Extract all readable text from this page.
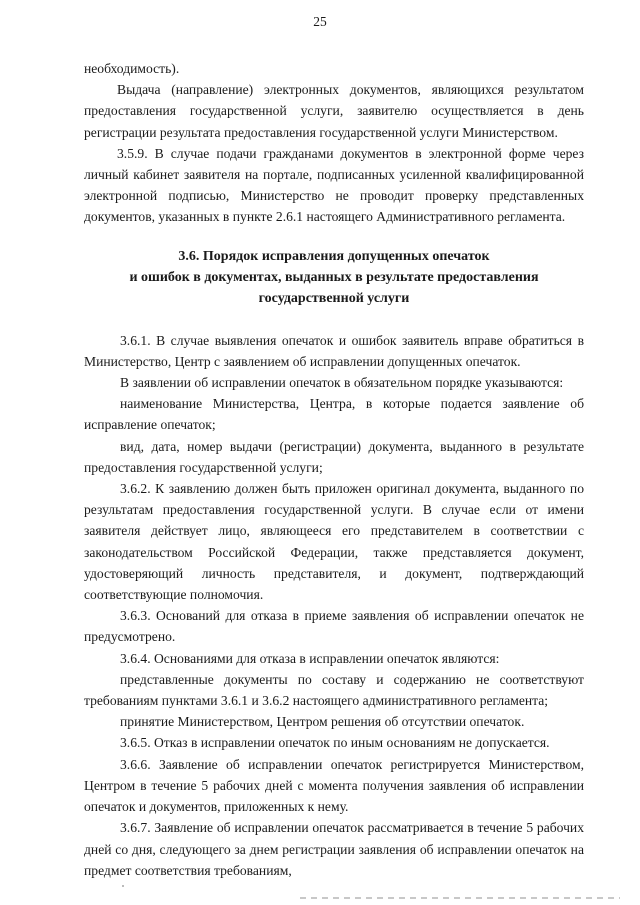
25

необходимость).

Выдача (направление) электронных документов, являющихся результатом предоставления государственной услуги, заявителю осуществляется в день регистрации результата предоставления государственной услуги Министерством.

3.5.9. В случае подачи гражданами документов в электронной форме через личный кабинет заявителя на портале, подписанных усиленной квалифицированной электронной подписью, Министерство не проводит проверку представленных документов, указанных в пункте 2.6.1 настоящего Административного регламента.

3.6. Порядок исправления допущенных опечаток
и ошибок в документах, выданных в результате предоставления
государственной услуги

3.6.1. В случае выявления опечаток и ошибок заявитель вправе обратиться в Министерство, Центр с заявлением об исправлении допущенных опечаток.

В заявлении об исправлении опечаток в обязательном порядке указываются:

наименование Министерства, Центра, в которые подается заявление об исправление опечаток;

вид, дата, номер выдачи (регистрации) документа, выданного в результате предоставления государственной услуги;

3.6.2. К заявлению должен быть приложен оригинал документа, выданного по результатам предоставления государственной услуги. В случае если от имени заявителя действует лицо, являющееся его представителем в соответствии с законодательством Российской Федерации, также представляется документ, удостоверяющий личность представителя, и документ, подтверждающий соответствующие полномочия.

3.6.3. Оснований для отказа в приеме заявления об исправлении опечаток не предусмотрено.

3.6.4. Основаниями для отказа в исправлении опечаток являются:

представленные документы по составу и содержанию не соответствуют требованиям пунктами 3.6.1 и 3.6.2 настоящего административного регламента;

принятие Министерством, Центром решения об отсутствии опечаток.

3.6.5. Отказ в исправлении опечаток по иным основаниям не допускается.

3.6.6. Заявление об исправлении опечаток регистрируется Министерством, Центром в течение 5 рабочих дней с момента получения заявления об исправлении опечаток и документов, приложенных к нему.

3.6.7. Заявление об исправлении опечаток рассматривается в течение 5 рабочих дней со дня, следующего за днем регистрации заявления об исправлении опечаток на предмет соответствия требованиям,
